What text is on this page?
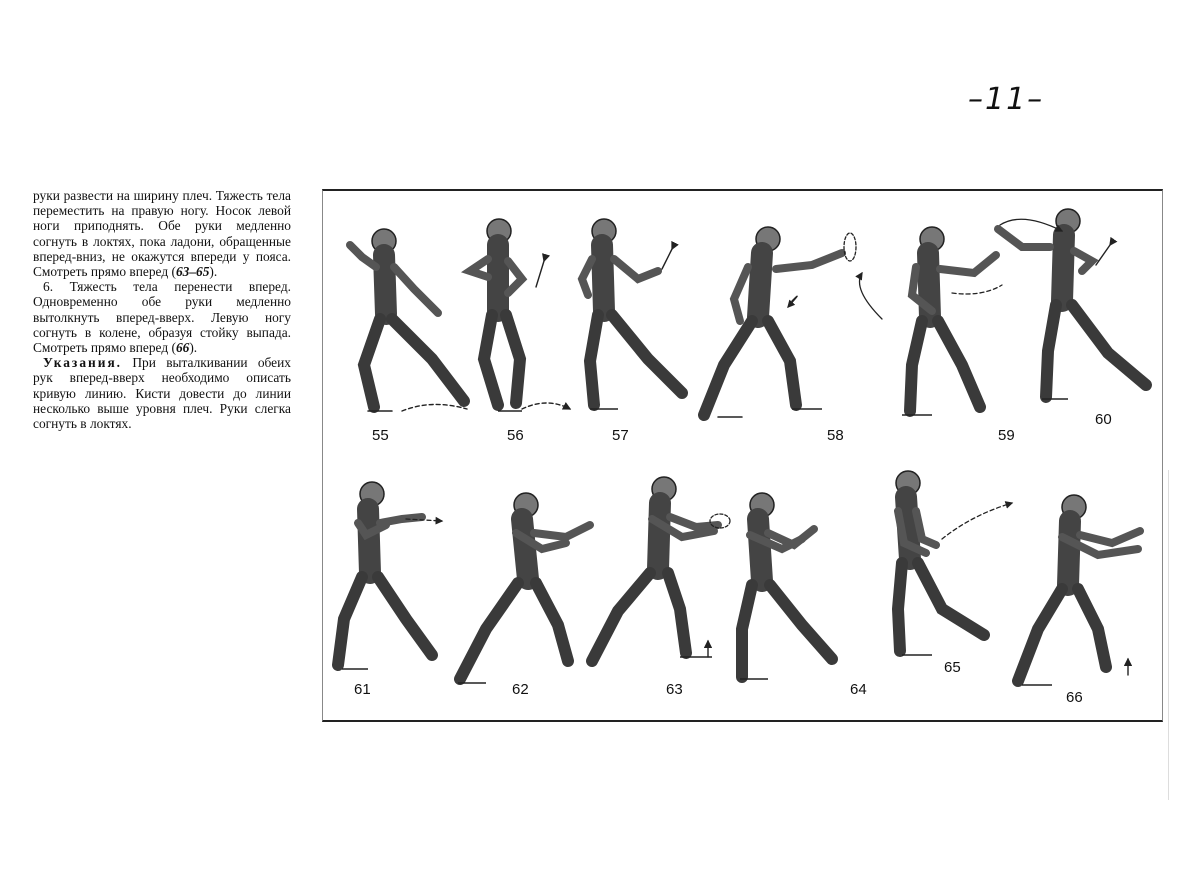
–11–

руки развести на ширину плеч. Тяжесть тела переместить на правую ногу. Носок левой ноги приподнять. Обе руки медленно согнуть в локтях, пока ладони, обращенные вперед-вниз, не окажутся впереди у пояса. Смотреть прямо вперед (63–65).

6. Тяжесть тела перенести вперед. Одновременно обе руки медленно вытолкнуть вперед-вверх. Левую ногу согнуть в колене, образуя стойку выпада. Смотреть прямо вперед (66).

Указания. При выталкивании обеих рук вперед-вверх необходимо описать кривую линию. Кисти довести до линии несколько выше уровня плеч. Руки слегка согнуть в локтях.

55	56	57	58	59
60
61	62	63	64
65
66
